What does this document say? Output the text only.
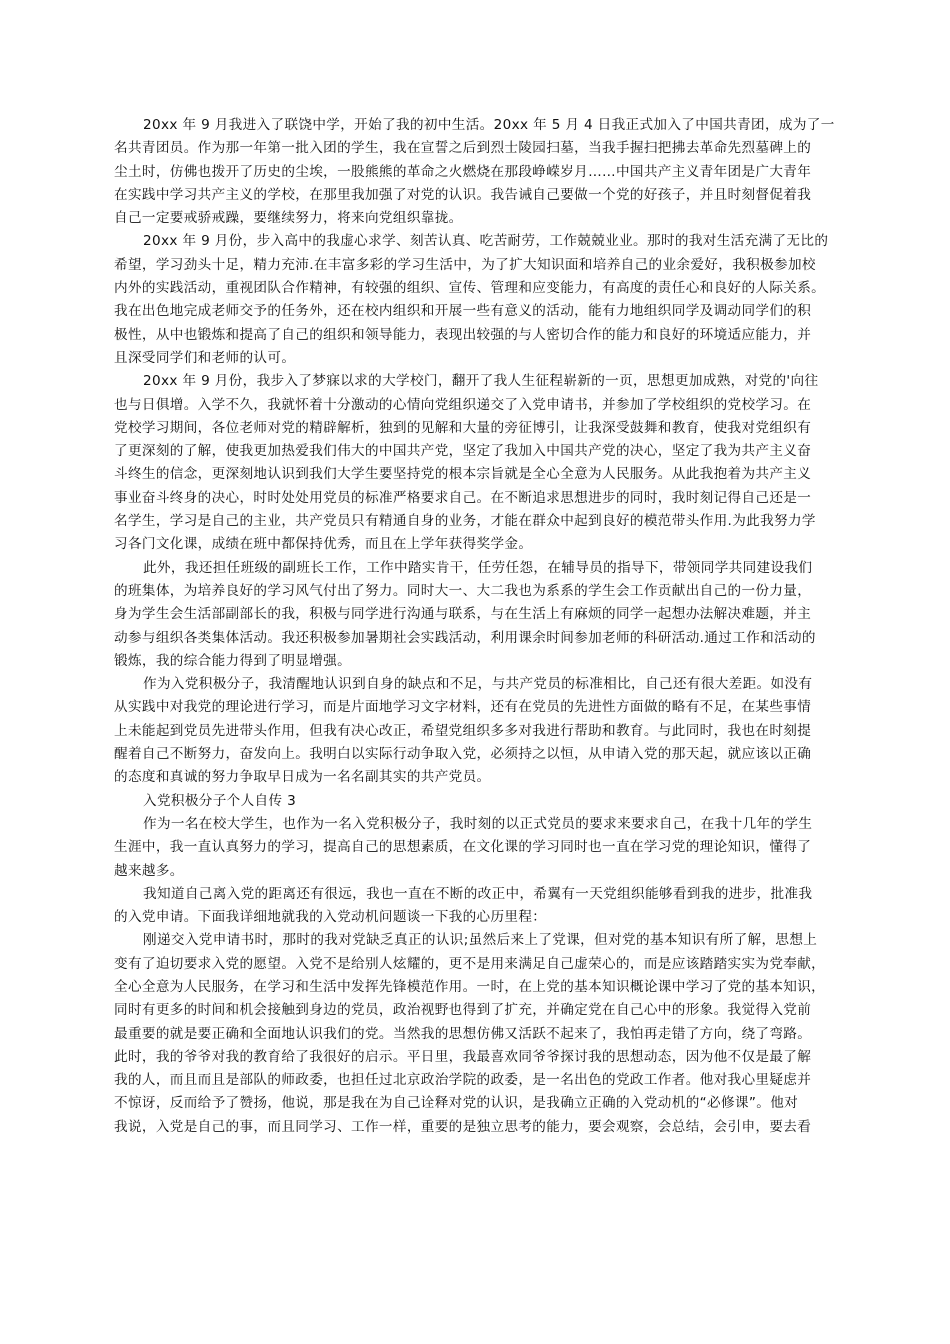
20xx 年 9 月我进入了联饶中学，开始了我的初中生活。20xx 年 5 月 4 日我正式加入了中国共青团，成为了一
名共青团员。作为那一年第一批入团的学生，我在宣誓之后到烈士陵园扫墓，当我手握扫把拂去革命先烈墓碑上的
尘土时，仿佛也拨开了历史的尘埃，一股熊熊的革命之火燃烧在那段峥嵘岁月……中国共产主义青年团是广大青年
在实践中学习共产主义的学校，在那里我加强了对党的认识。我告诫自己要做一个党的好孩子，并且时刻督促着我
自己一定要戒骄戒躁，要继续努力，将来向党组织靠拢。
20xx 年 9 月份，步入高中的我虚心求学、刻苦认真、吃苦耐劳，工作兢兢业业。那时的我对生活充满了无比的
希望，学习劲头十足，精力充沛.在丰富多彩的学习生活中，为了扩大知识面和培养自己的业余爱好，我积极参加校
内外的实践活动，重视团队合作精神，有较强的组织、宣传、管理和应变能力，有高度的责任心和良好的人际关系。
我在出色地完成老师交予的任务外，还在校内组织和开展一些有意义的活动，能有力地组织同学及调动同学们的积
极性，从中也锻炼和提高了自己的组织和领导能力，表现出较强的与人密切合作的能力和良好的环境适应能力，并
且深受同学们和老师的认可。
20xx 年 9 月份，我步入了梦寐以求的大学校门，翻开了我人生征程崭新的一页，思想更加成熟，对党的'向往
也与日俱增。入学不久，我就怀着十分激动的心情向党组织递交了入党申请书，并参加了学校组织的党校学习。在
党校学习期间，各位老师对党的精辟解析，独到的见解和大量的旁征博引，让我深受鼓舞和教育，使我对党组织有
了更深刻的了解，使我更加热爱我们伟大的中国共产党，坚定了我加入中国共产党的决心，坚定了我为共产主义奋
斗终生的信念，更深刻地认识到我们大学生要坚持党的根本宗旨就是全心全意为人民服务。从此我抱着为共产主义
事业奋斗终身的决心，时时处处用党员的标准严格要求自己。在不断追求思想进步的同时，我时刻记得自己还是一
名学生，学习是自己的主业，共产党员只有精通自身的业务，才能在群众中起到良好的模范带头作用.为此我努力学
习各门文化课，成绩在班中都保持优秀，而且在上学年获得奖学金。
此外，我还担任班级的副班长工作，工作中踏实肯干，任劳任怨，在辅导员的指导下，带领同学共同建设我们
的班集体，为培养良好的学习风气付出了努力。同时大一、大二我也为系系的学生会工作贡献出自己的一份力量，
身为学生会生活部副部长的我，积极与同学进行沟通与联系，与在生活上有麻烦的同学一起想办法解决难题，并主
动参与组织各类集体活动。我还积极参加暑期社会实践活动，利用课余时间参加老师的科研活动.通过工作和活动的
锻炼，我的综合能力得到了明显增强。
作为入党积极分子，我清醒地认识到自身的缺点和不足，与共产党员的标准相比，自己还有很大差距。如没有
从实践中对我党的理论进行学习，而是片面地学习文字材料，还有在党员的先进性方面做的略有不足，在某些事情
上未能起到党员先进带头作用，但我有决心改正，希望党组织多多对我进行帮助和教育。与此同时，我也在时刻提
醒着自己不断努力，奋发向上。我明白以实际行动争取入党，必须持之以恒，从申请入党的那天起，就应该以正确
的态度和真诚的努力争取早日成为一名名副其实的共产党员。
入党积极分子个人自传 3
作为一名在校大学生，也作为一名入党积极分子，我时刻的以正式党员的要求来要求自己，在我十几年的学生
生涯中，我一直认真努力的学习，提高自己的思想素质，在文化课的学习同时也一直在学习党的理论知识，懂得了
越来越多。
我知道自己离入党的距离还有很远，我也一直在不断的改正中，希翼有一天党组织能够看到我的进步，批准我
的入党申请。下面我详细地就我的入党动机问题谈一下我的心历里程：
刚递交入党申请书时，那时的我对党缺乏真正的认识;虽然后来上了党课，但对党的基本知识有所了解，思想上
变有了迫切要求入党的愿望。入党不是给别人炫耀的，更不是用来满足自己虚荣心的，而是应该踏踏实实为党奉献，
全心全意为人民服务，在学习和生活中发挥先锋模范作用。一时，在上党的基本知识概论课中学习了党的基本知识，
同时有更多的时间和机会接触到身边的党员，政治视野也得到了扩充，并确定党在自己心中的形象。我觉得入党前
最重要的就是要正确和全面地认识我们的党。当然我的思想仿佛又活跃不起来了，我怕再走错了方向，绕了弯路。
此时，我的爷爷对我的教育给了我很好的启示。平日里，我最喜欢同爷爷探讨我的思想动态，因为他不仅是最了解
我的人，而且而且是部队的师政委，也担任过北京政治学院的政委，是一名出色的党政工作者。他对我心里疑虑并
不惊讶，反而给予了赞扬，他说，那是我在为自己诠释对党的认识，是我确立正确的入党动机的“必修课”。他对
我说，入党是自己的事，而且同学习、工作一样，重要的是独立思考的能力，要会观察，会总结，会引申，要去看
